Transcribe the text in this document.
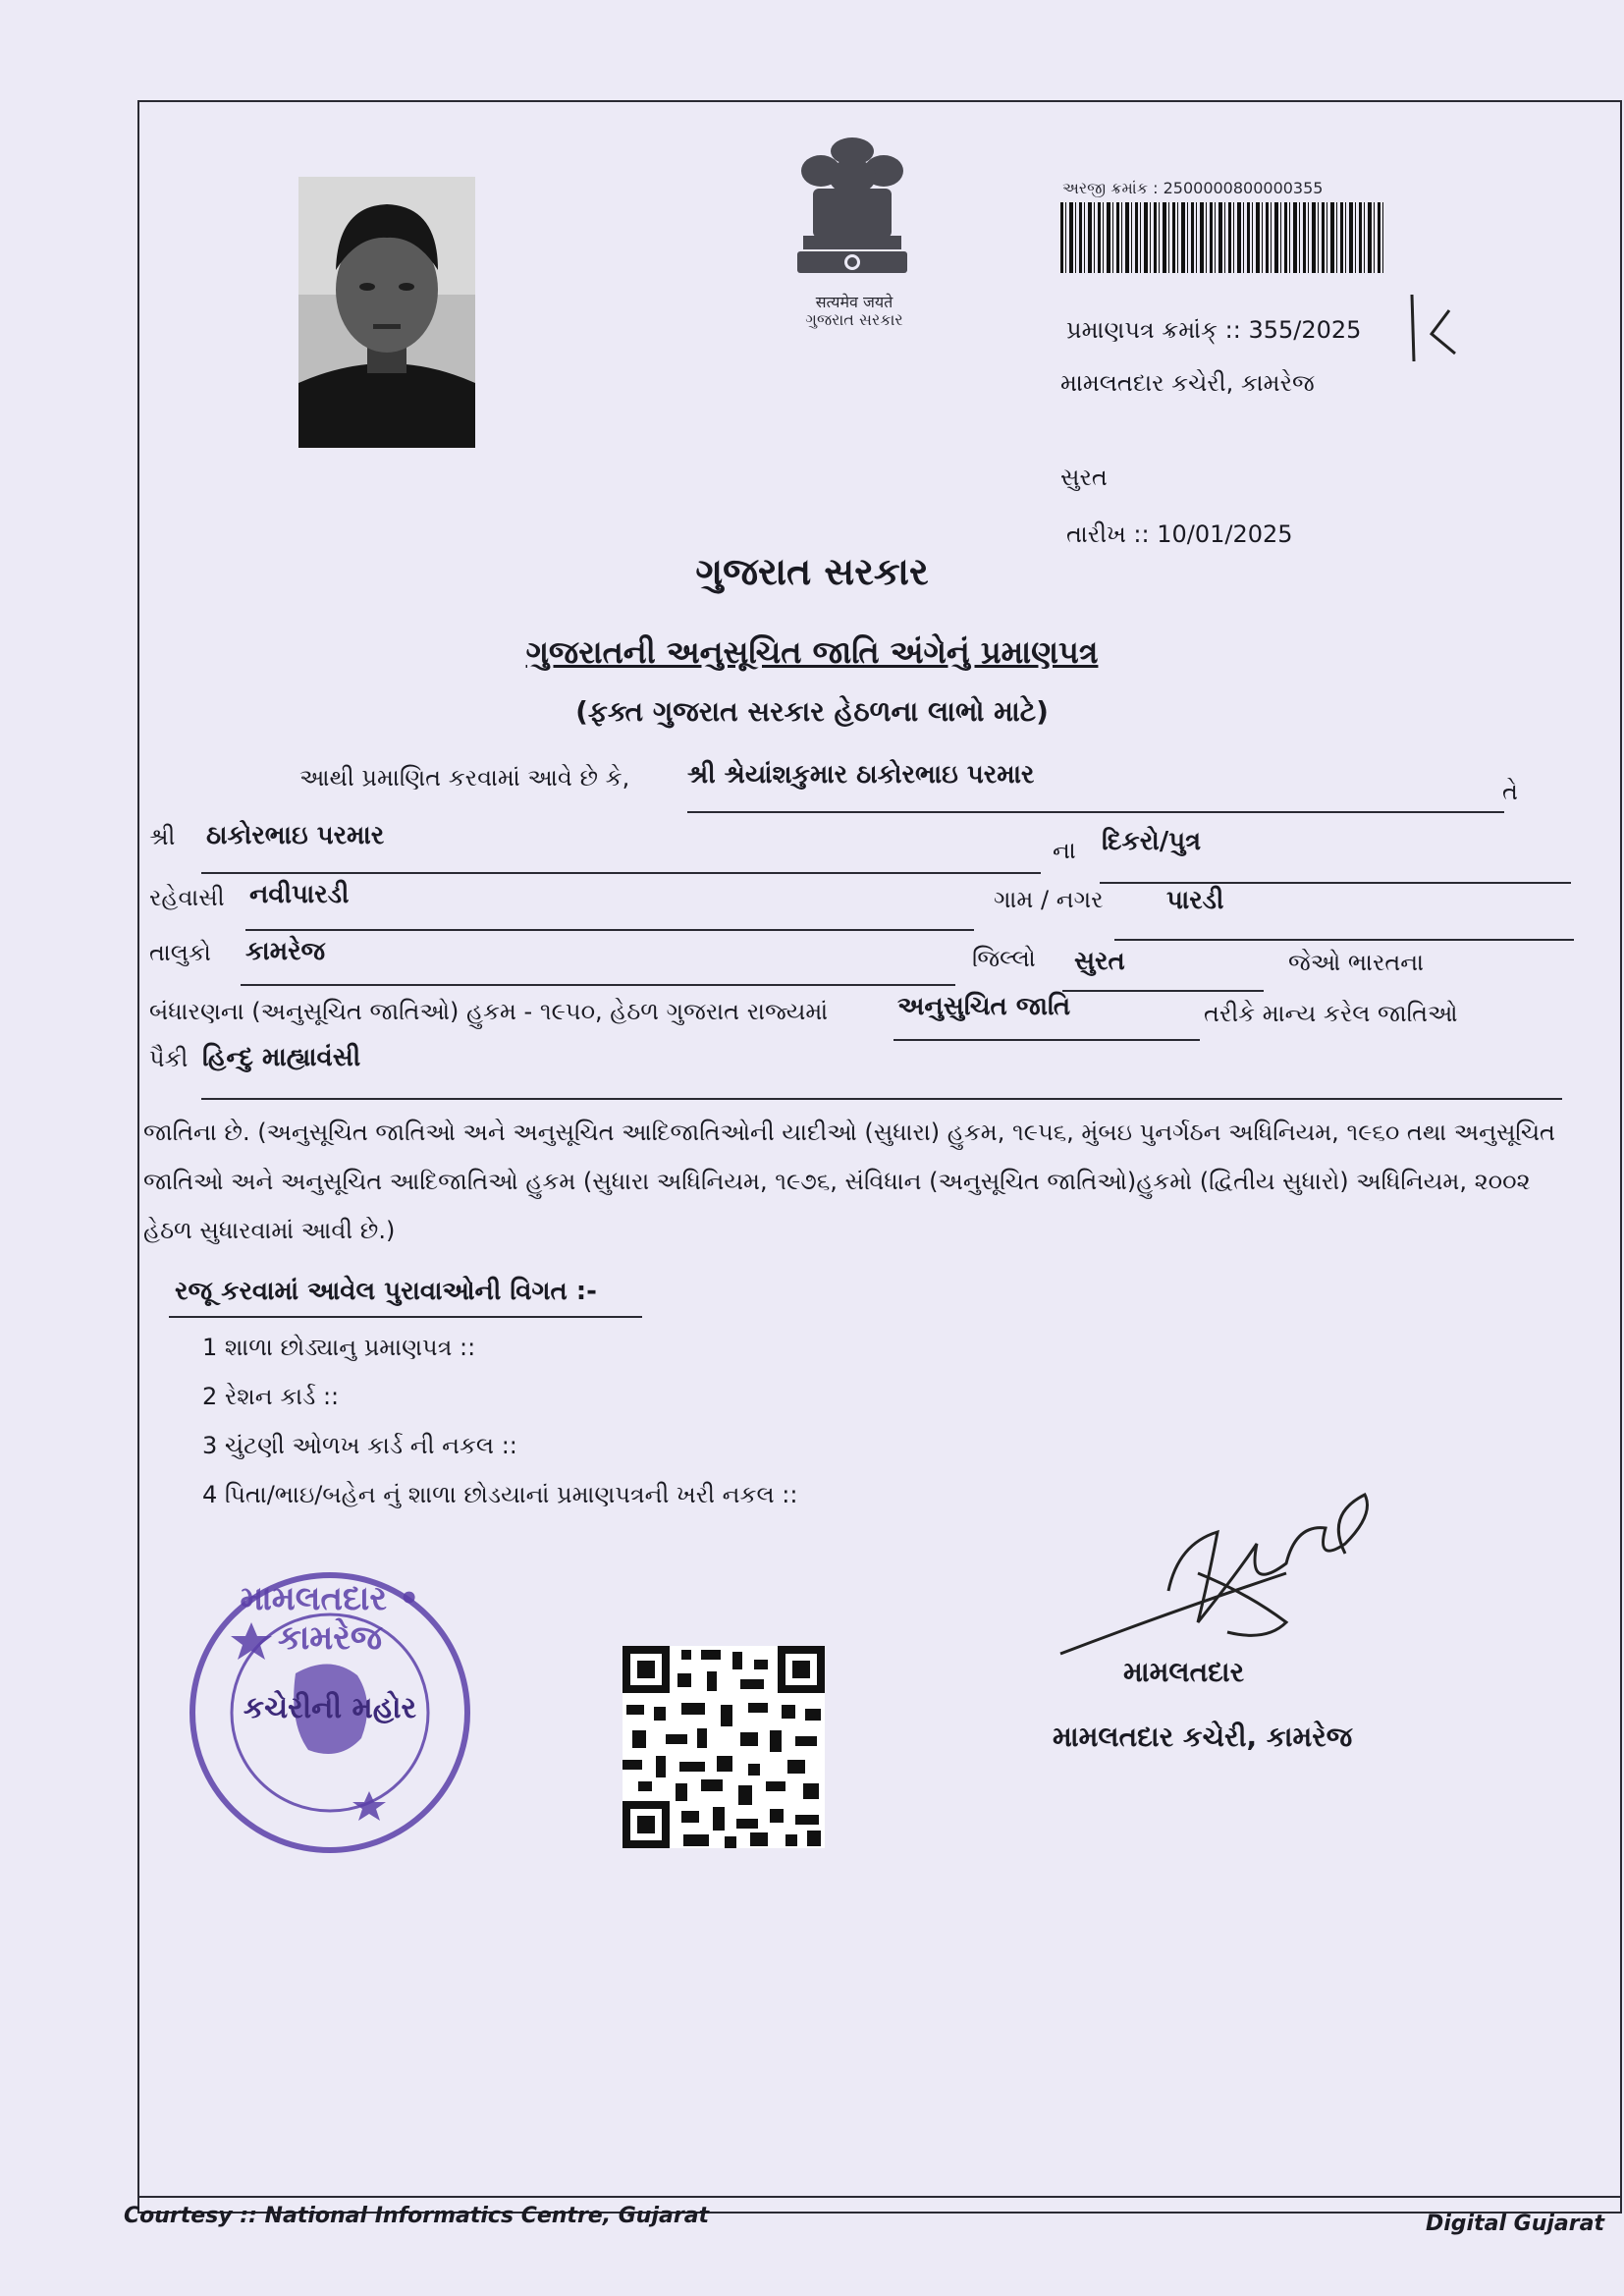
सत्यमेव जयते
ગુજરાત સરકાર
અરજી ક્રમાંક : 2500000800000355
પ્રમાણપત્ર ક્રમાંક્ :: 355/2025
મામલતદાર કચેરી, કામરેજ
સુરત
તારીખ :: 10/01/2025
ગુજરાત સરકાર
ગુજરાતની અનુસૂચિત જાતિ અંગેનું પ્રમાણપત્ર
(ફક્ત ગુજરાત સરકાર હેઠળના લાભો માટે)
આથી પ્રમાણિત કરવામાં આવે છે કે, શ્રી શ્રેયાંશકુમાર ઠાકોરભાઇ પરમાર
તે
શ્રી ઠાકોરભાઇ પરમાર	ના દિકરો/પુત્ર
રહેવાસી નવીપારડી	ગામ / નગર પારડી
તાલુકો કામરેજ	જિલ્લો સુરત	જેઓ ભારતના
બંધારણના (અનુસૂચિત જાતિઓ) હુકમ - ૧૯૫૦, હેઠળ ગુજરાત રાજ્યમાં	અનુસુચિત જાતિ	તરીકે માન્ય કરેલ જાતિઓ
પૈકી હિન્દુ માહ્યાવંસી
જાતિના છે. (અનુસૂચિત જાતિઓ અને અનુસૂચિત આદિજાતિઓની યાદીઓ (સુધારા) હુકમ, ૧૯૫૬, મુંબઇ પુનર્ગઠન અધિનિયમ, ૧૯૬૦ તથા અનુસૂચિત જાતિઓ અને અનુસૂચિત આદિજાતિઓ હુકમ (સુધારા અધિનિયમ, ૧૯૭૬, સંવિધાન (અનુસૂચિત જાતિઓ)હુકમો (દ્વિતીય સુધારો) અધિનિયમ, ૨૦૦૨ હેઠળ સુધારવામાં આવી છે.)
રજૂ કરવામાં આવેલ પુરાવાઓની વિગત :-
1 શાળા છોડ્યાનુ પ્રમાણપત્ર ::
2 રેશન કાર્ડ ::
3 ચુંટણી ઓળખ કાર્ડ ની નકલ ::
4 પિતા/ભાઇ/બહેન નું શાળા છોડયાનાં પ્રમાણપત્રની ખરી નકલ ::
મામલતદાર • કામરેજ
કચેરીની મહોર
મામલતદાર
મામલતદાર કચેરી, કામરેજ
Courtesy :: National Informatics Centre, Gujarat	Digital Gujarat
